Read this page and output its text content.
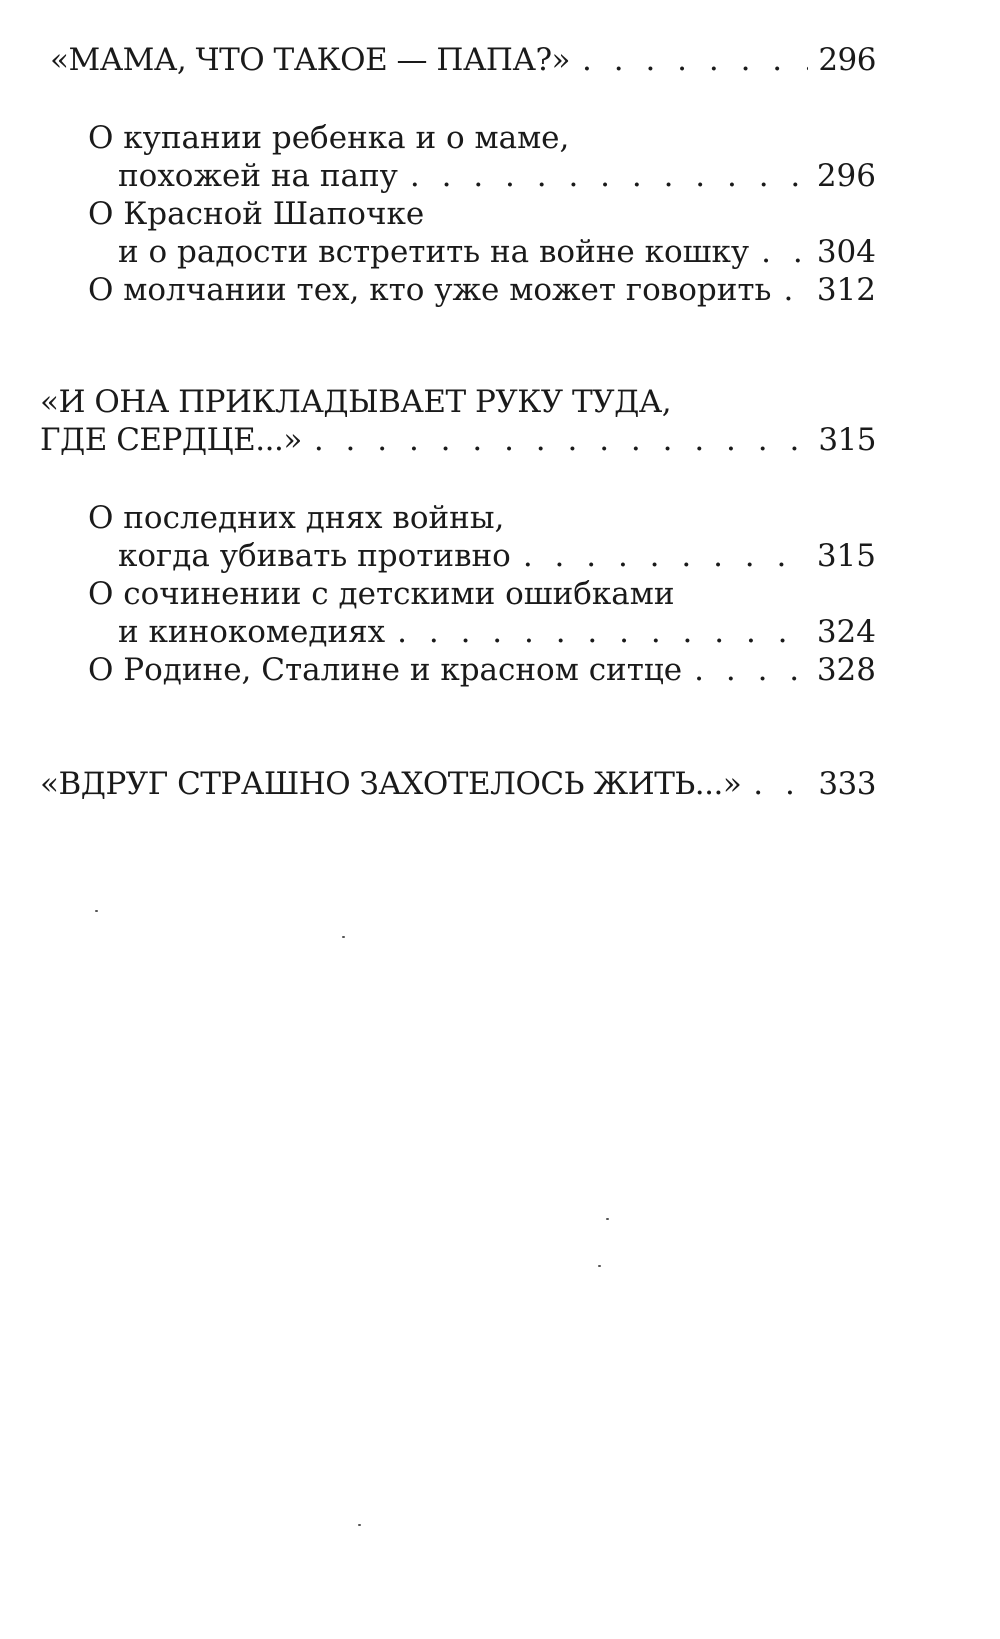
«МАМА, ЧТО ТАКОЕ — ПАПА?» . . .	296
О купании ребенка и о маме,
похожей на папу . . .	296
О Красной Шапочке
и о радости встретить на войне кошку . . . 304
О молчании тех, кто уже может говорить . . . 312
«И ОНА ПРИКЛАДЫВАЕТ РУКУ ТУДА,
ГДЕ СЕРДЦЕ...» . . .	315
О последних днях войны,
когда убивать противно . . .	315
О сочинении с детскими ошибками
и кинокомедиях . . .	324
О Родине, Сталине и красном ситце . . .	328
«ВДРУГ СТРАШНО ЗАХОТЕЛОСЬ ЖИТЬ...» . . . 333
